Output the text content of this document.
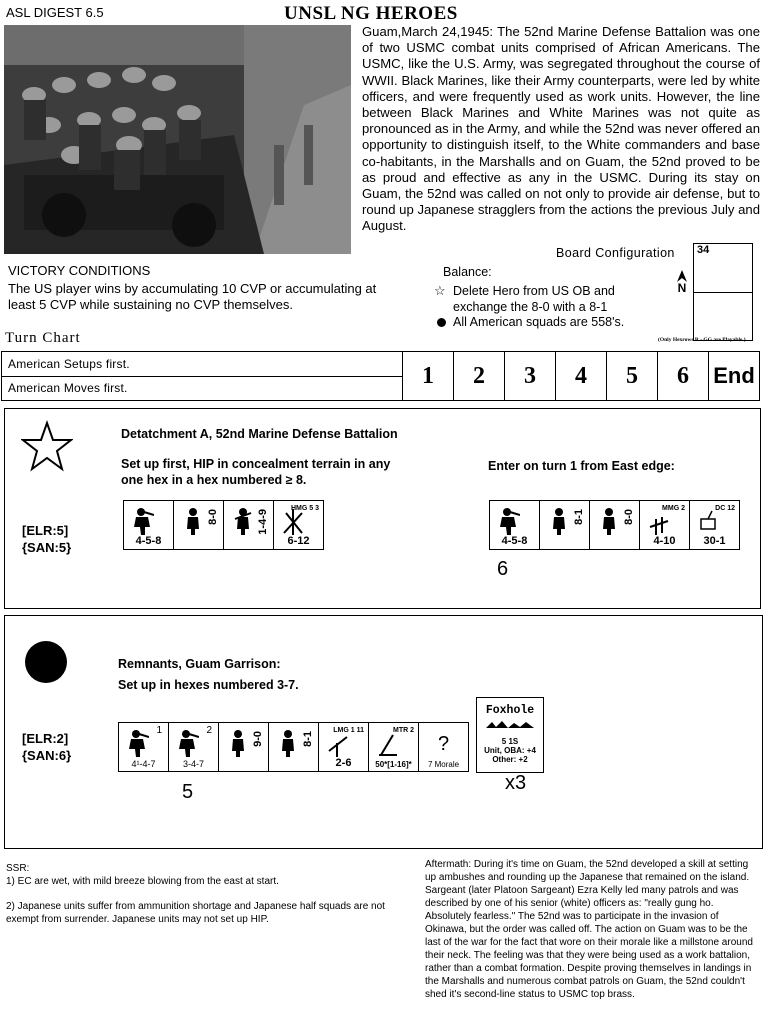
ASL DIGEST 6.5	UNSL NG HEROES
Guam,March 24,1945: The 52nd Marine Defense Battalion was one of two USMC combat units comprised of African Americans. The USMC, like the U.S. Army, was segregated throughout the course of WWII. Black Marines, like their Army counterparts, were led by white officers, and were frequently used as work units. However, the line between Black Marines and White Marines was not quite as pronounced as in the Army, and while the 52nd was never offered an opportunity to distinguish itself, to the White commanders and base co-habitants, in the Marshalls and on Guam, the 52nd proved to be as proud and effective as any in the USMC. During its stay on Guam, the 52nd was called on not only to provide air defense, but to round up Japanese stragglers from the actions the previous July and August.
VICTORY CONDITIONS
The US player wins by accumulating 10 CVP or accumulating at least 5 CVP while sustaining no CVP themselves.
Board Configuration 34
N
(Only Hexrows R - GG are Playable.)
Balance:
☆ Delete Hero from US OB and exchange the 8-0 with a 8-1
All American squads are 558's.
Turn Chart
American Setups first.
American Moves first.	1	2	3	4	5	6	End
[ELR:5]
{SAN:5}
Detatchment A, 52nd Marine Defense Battalion
Set up first, HIP in concealment terrain in any one hex in a hex numbered ≥ 8.
Enter on turn 1 from East edge:
4-5-8
8-0	1-4-9
HMG 5 3
6-12	4-5-8
8-1	8-0
MMG 2
4-10
DC 12
30-1
6
[ELR:2]
{SAN:6}
Remnants, Guam Garrison:
Set up in hexes numbered 3-7.
1
4¹-4-7
2
3-4-7
9-0	8-1
LMG 1 11
2-6
MTR 2
50*[1-16]*
?
7 Morale
5
Foxhole
5 1S
Unit, OBA: +4
Other: +2
x3
SSR:

1) EC are wet, with mild breeze blowing from the east at start.

2) Japanese units suffer from ammunition shortage and Japanese half squads are not exempt from surrender. Japanese units may not set up HIP.

Aftermath: During it's time on Guam, the 52nd developed a skill at setting up ambushes and rounding up the Japanese that remained on the island. Sargeant (later Platoon Sargeant) Ezra Kelly led many patrols and was described by one of his senior (white) officers as: "really gung ho. Absolutely fearless." The 52nd was to participate in the invasion of Okinawa, but the order was called off. The action on Guam was to be the last of the war for the fact that wore on their morale like a millstone around their neck. The feeling was that they were being used as a work battalion, rather than a combat formation. Despite proving themselves in landings in the Marshalls and numerous combat patrols on Guam, the 52nd couldn't shed it's second-line status to USMC top brass.
